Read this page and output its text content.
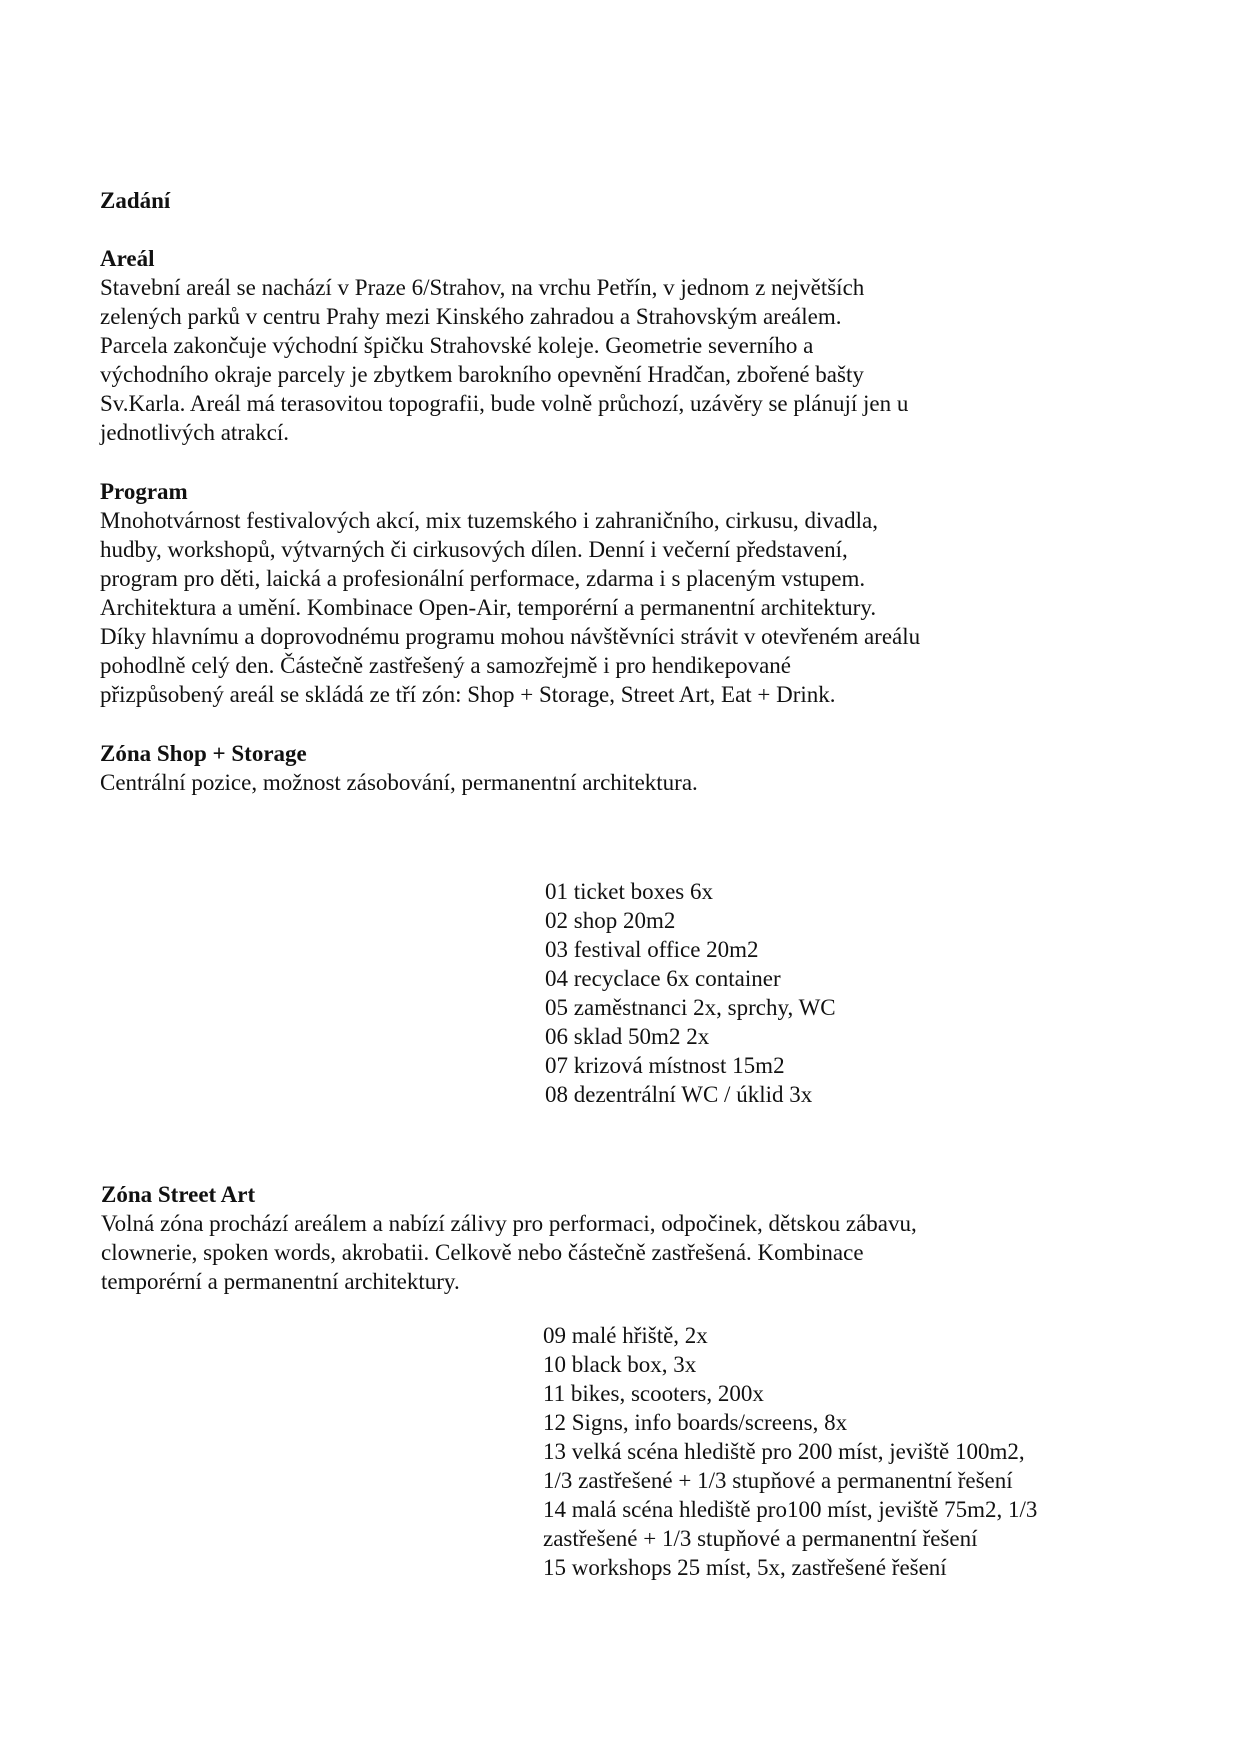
Zadání
Areál
Stavební areál se nachází v Praze 6/Strahov, na vrchu Petřín, v jednom z největších
zelených parků v centru Prahy mezi Kinského zahradou a Strahovským areálem.
Parcela zakončuje východní špičku Strahovské koleje. Geometrie severního a
východního okraje parcely je zbytkem barokního opevnění Hradčan, zbořené bašty
Sv.Karla. Areál má terasovitou topografii, bude volně průchozí, uzávěry se plánují jen u
jednotlivých atrakcí.
Program
Mnohotvárnost festivalových akcí, mix tuzemského i zahraničního, cirkusu, divadla,
hudby, workshopů, výtvarných či cirkusových dílen. Denní i večerní představení,
program pro děti, laická a profesionální performace, zdarma i s placeným vstupem.
Architektura a umění. Kombinace Open-Air, temporérní a permanentní architektury.
Díky hlavnímu a doprovodnému programu mohou návštěvníci strávit v otevřeném areálu
pohodlně celý den. Částečně zastřešený a samozřejmě i pro hendikepované
přizpůsobený areál se skládá ze tří zón: Shop + Storage, Street Art, Eat + Drink.
Zóna Shop + Storage
Centrální pozice, možnost zásobování, permanentní architektura.
01 ticket boxes 6x
02 shop 20m2
03 festival office 20m2
04 recyclace 6x container
05 zaměstnanci 2x, sprchy, WC
06 sklad 50m2 2x
07 krizová místnost 15m2
08 dezentrální WC / úklid 3x
Zóna Street Art
Volná zóna prochází areálem a nabízí zálivy pro performaci, odpočinek, dětskou zábavu,
clownerie, spoken words, akrobatii. Celkově nebo částečně zastřešená. Kombinace
temporérní a permanentní architektury.
09 malé hřiště, 2x
10 black box, 3x
11 bikes, scooters, 200x
12 Signs, info boards/screens, 8x
13 velká scéna hlediště pro 200 míst, jeviště 100m2,
1/3 zastřešené + 1/3 stupňové a permanentní řešení
14 malá scéna hlediště pro100 míst, jeviště 75m2, 1/3
zastřešené + 1/3 stupňové a permanentní řešení
15 workshops 25 míst, 5x, zastřešené řešení
